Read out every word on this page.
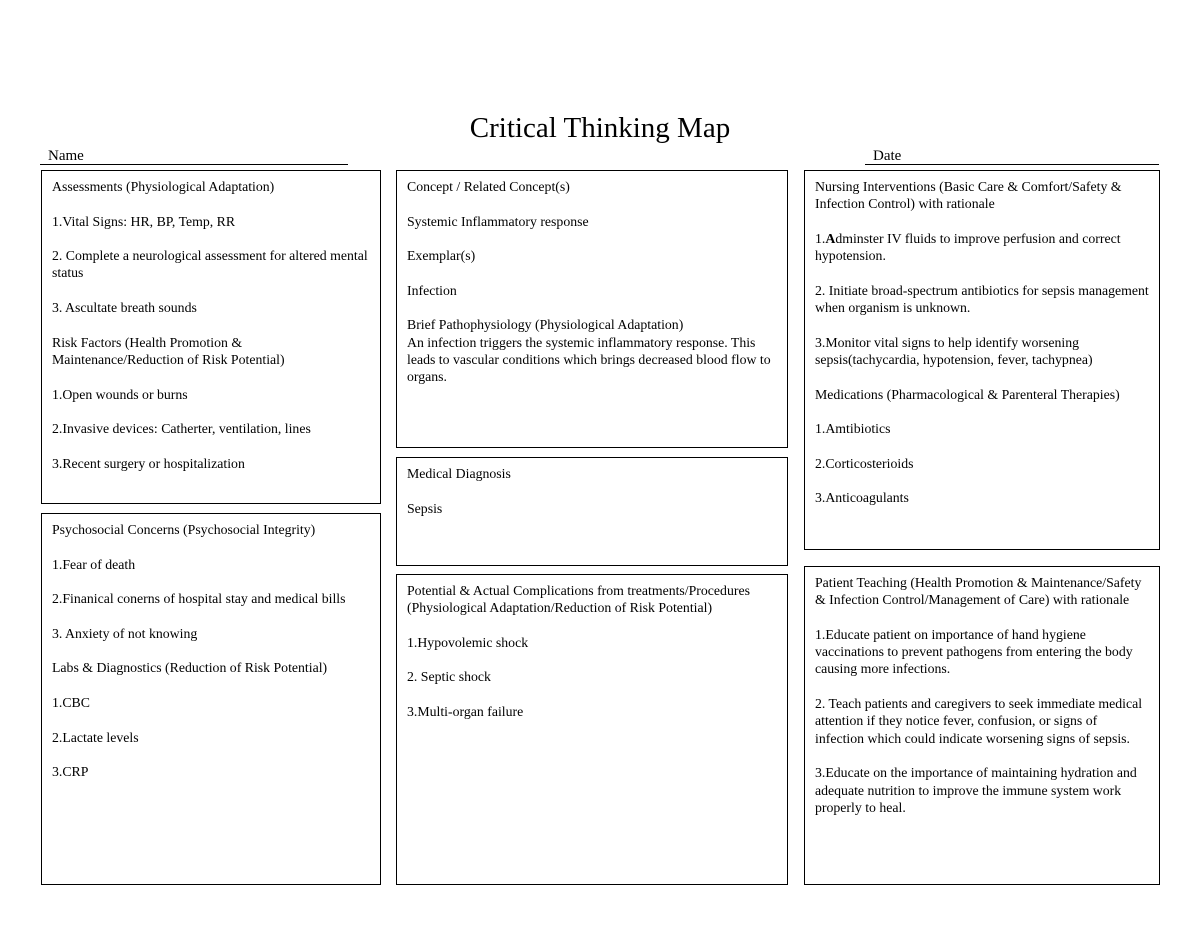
Critical Thinking Map
Name	Date

Assessments (Physiological Adaptation)

1.Vital Signs: HR, BP, Temp, RR

2. Complete a neurological assessment for altered mental status

3. Ascultate breath sounds

Risk Factors (Health Promotion & Maintenance/Reduction of Risk Potential)

1.Open wounds or burns

2.Invasive devices: Catherter, ventilation, lines

3.Recent surgery or hospitalization

Psychosocial Concerns (Psychosocial Integrity)

1.Fear of death

2.Finanical conerns of hospital stay and medical bills

3. Anxiety of not knowing

Labs & Diagnostics (Reduction of Risk Potential)

1.CBC

2.Lactate levels

3.CRP

Concept / Related Concept(s)

Systemic Inflammatory response

Exemplar(s)

Infection

Brief Pathophysiology (Physiological Adaptation)
An infection triggers the systemic inflammatory response. This leads to vascular conditions which brings decreased blood flow to organs.

Medical Diagnosis

Sepsis

Potential & Actual Complications from treatments/Procedures (Physiological Adaptation/Reduction of Risk Potential)

1.Hypovolemic shock

2. Septic shock

3.Multi-organ failure

Nursing Interventions (Basic Care & Comfort/Safety & Infection Control) with rationale

1.Adminster IV fluids to improve perfusion and correct hypotension.

2. Initiate broad-spectrum antibiotics for sepsis management when organism is unknown.

3.Monitor vital signs to help identify worsening sepsis(tachycardia, hypotension, fever, tachypnea)

Medications (Pharmacological & Parenteral Therapies)

1.Amtibiotics

2.Corticosterioids

3.Anticoagulants

Patient Teaching (Health Promotion & Maintenance/Safety & Infection Control/Management of Care) with rationale

1.Educate patient on importance of hand hygiene vaccinations to prevent pathogens from entering the body causing more infections.

2. Teach patients and caregivers to seek immediate medical attention if they notice fever, confusion, or signs of infection which could indicate worsening signs of sepsis.

3.Educate on the importance of maintaining hydration and adequate nutrition to improve the immune system work properly to heal.
